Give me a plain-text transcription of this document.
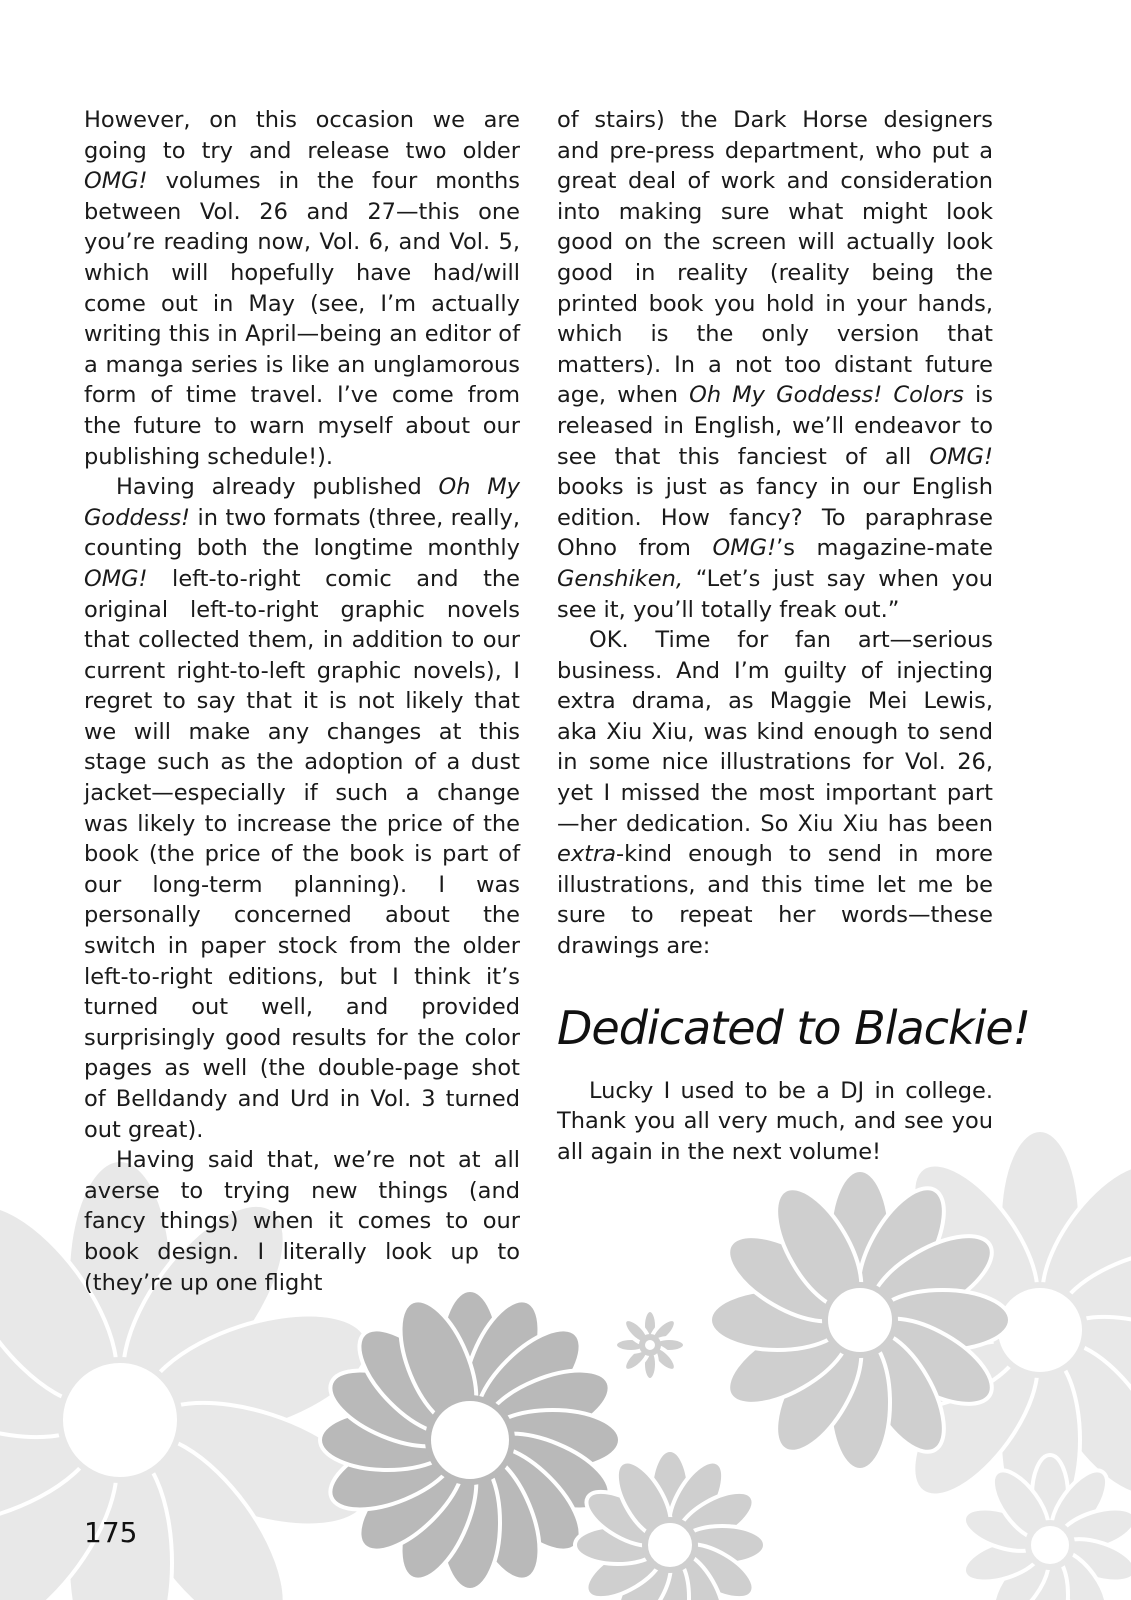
However, on this occasion we are going to try and release two older OMG! volumes in the four months between Vol. 26 and 27—this one you’re reading now, Vol. 6, and Vol. 5, which will hopefully have had/will come out in May (see, I’m actually writing this in April—being an editor of a manga series is like an unglamorous form of time travel. I’ve come from the future to warn myself about our publishing schedule!).

Having already published Oh My Goddess! in two formats (three, really, counting both the longtime monthly OMG! left-to-right comic and the original left-to-right graphic novels that collected them, in addition to our current right-to-left graphic novels), I regret to say that it is not likely that we will make any changes at this stage such as the adoption of a dust jacket—especially if such a change was likely to increase the price of the book (the price of the book is part of our long-term planning). I was personally concerned about the switch in paper stock from the older left-to-right editions, but I think it’s turned out well, and provided surprisingly good results for the color pages as well (the double-page shot of Belldandy and Urd in Vol. 3 turned out great).

Having said that, we’re not at all averse to trying new things (and fancy things) when it comes to our book design. I literally look up to (they’re up one flight

of stairs) the Dark Horse designers and pre-press department, who put a great deal of work and consideration into making sure what might look good on the screen will actually look good in reality (reality being the printed book you hold in your hands, which is the only version that matters). In a not too distant future age, when Oh My Goddess! Colors is released in English, we’ll endeavor to see that this fanciest of all OMG! books is just as fancy in our English edition. How fancy? To paraphrase Ohno from OMG!’s magazine-mate Genshiken, “Let’s just say when you see it, you’ll totally freak out.”

OK. Time for fan art—serious business. And I’m guilty of injecting extra drama, as Maggie Mei Lewis, aka Xiu Xiu, was kind enough to send in some nice illustrations for Vol. 26, yet I missed the most important part—her dedication. So Xiu Xiu has been extra-kind enough to send in more illustrations, and this time let me be sure to repeat her words—these drawings are:

Dedicated to Blackie!

Lucky I used to be a DJ in college. Thank you all very much, and see you all again in the next volume!

175
